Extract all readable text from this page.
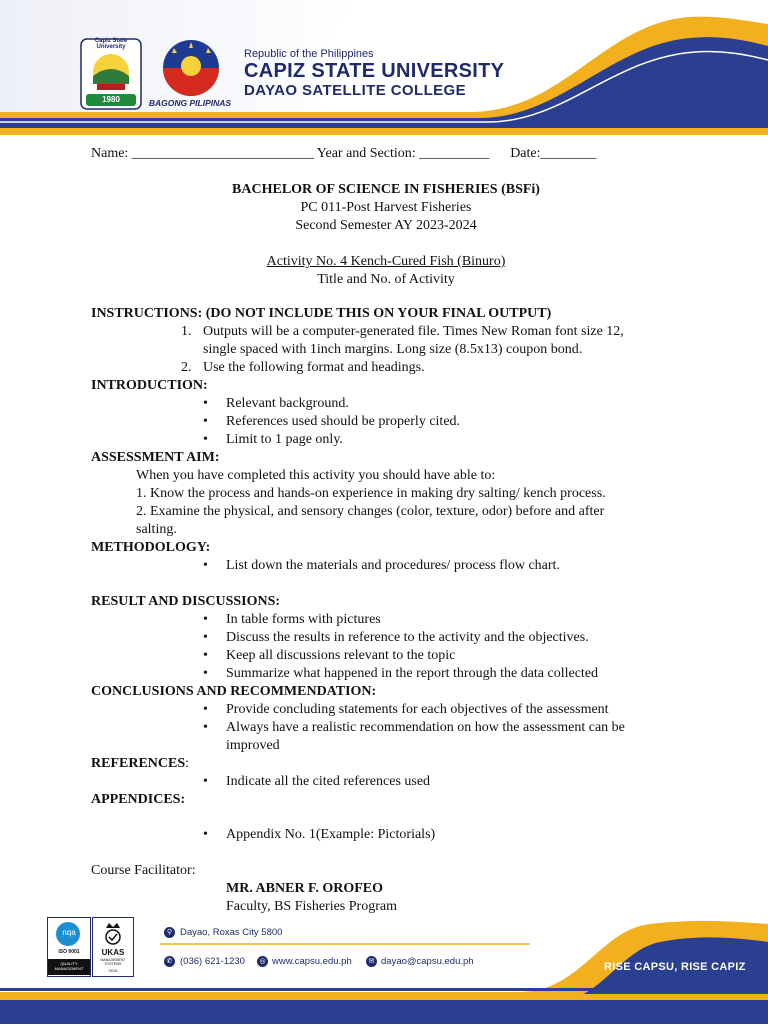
Capiz State University
1980	BAGONG PILIPINAS
Republic of the Philippines
CAPIZ STATE UNIVERSITY
DAYAO SATELLITE COLLEGE
Name: __________________________ Year and Section: __________      Date:________
BACHELOR OF SCIENCE IN FISHERIES (BSFi)
PC 011-Post Harvest Fisheries
Second Semester AY 2023-2024
Activity No. 4 Kench-Cured Fish (Binuro)
Title and No. of Activity
INSTRUCTIONS: (DO NOT INCLUDE THIS ON YOUR FINAL OUTPUT)
1. Outputs will be a computer-generated file. Times New Roman font size 12,
single spaced with 1inch margins. Long size (8.5x13) coupon bond.
2. Use the following format and headings.
INTRODUCTION:
• Relevant background.
• References used should be properly cited.
• Limit to 1 page only.
ASSESSMENT AIM:
When you have completed this activity you should have able to:
1. Know the process and hands-on experience in making dry salting/ kench process.
2. Examine the physical, and sensory changes (color, texture, odor) before and after
salting.
METHODOLOGY:
• List down the materials and procedures/ process flow chart.
RESULT AND DISCUSSIONS:
• In table forms with pictures
• Discuss the results in reference to the activity and the objectives.
• Keep all discussions relevant to the topic
• Summarize what happened in the report through the data collected
CONCLUSIONS AND RECOMMENDATION:
• Provide concluding statements for each objectives of the assessment
• Always have a realistic recommendation on how the assessment can be
improved
REFERENCES:
• Indicate all the cited references used
APPENDICES:
• Appendix No. 1(Example: Pictorials)
Course Facilitator:
MR. ABNER F. OROFEO
Faculty, BS Fisheries Program
nqa
ISO 9001
QUALITY MANAGEMENT
UKAS
MANAGEMENT SYSTEMS
0015
⚲ Dayao, Roxas City 5800
✆ (036) 621-1230	◎ www.capsu.edu.ph	✉ dayao@capsu.edu.ph	RISE CAPSU, RISE CAPIZ
